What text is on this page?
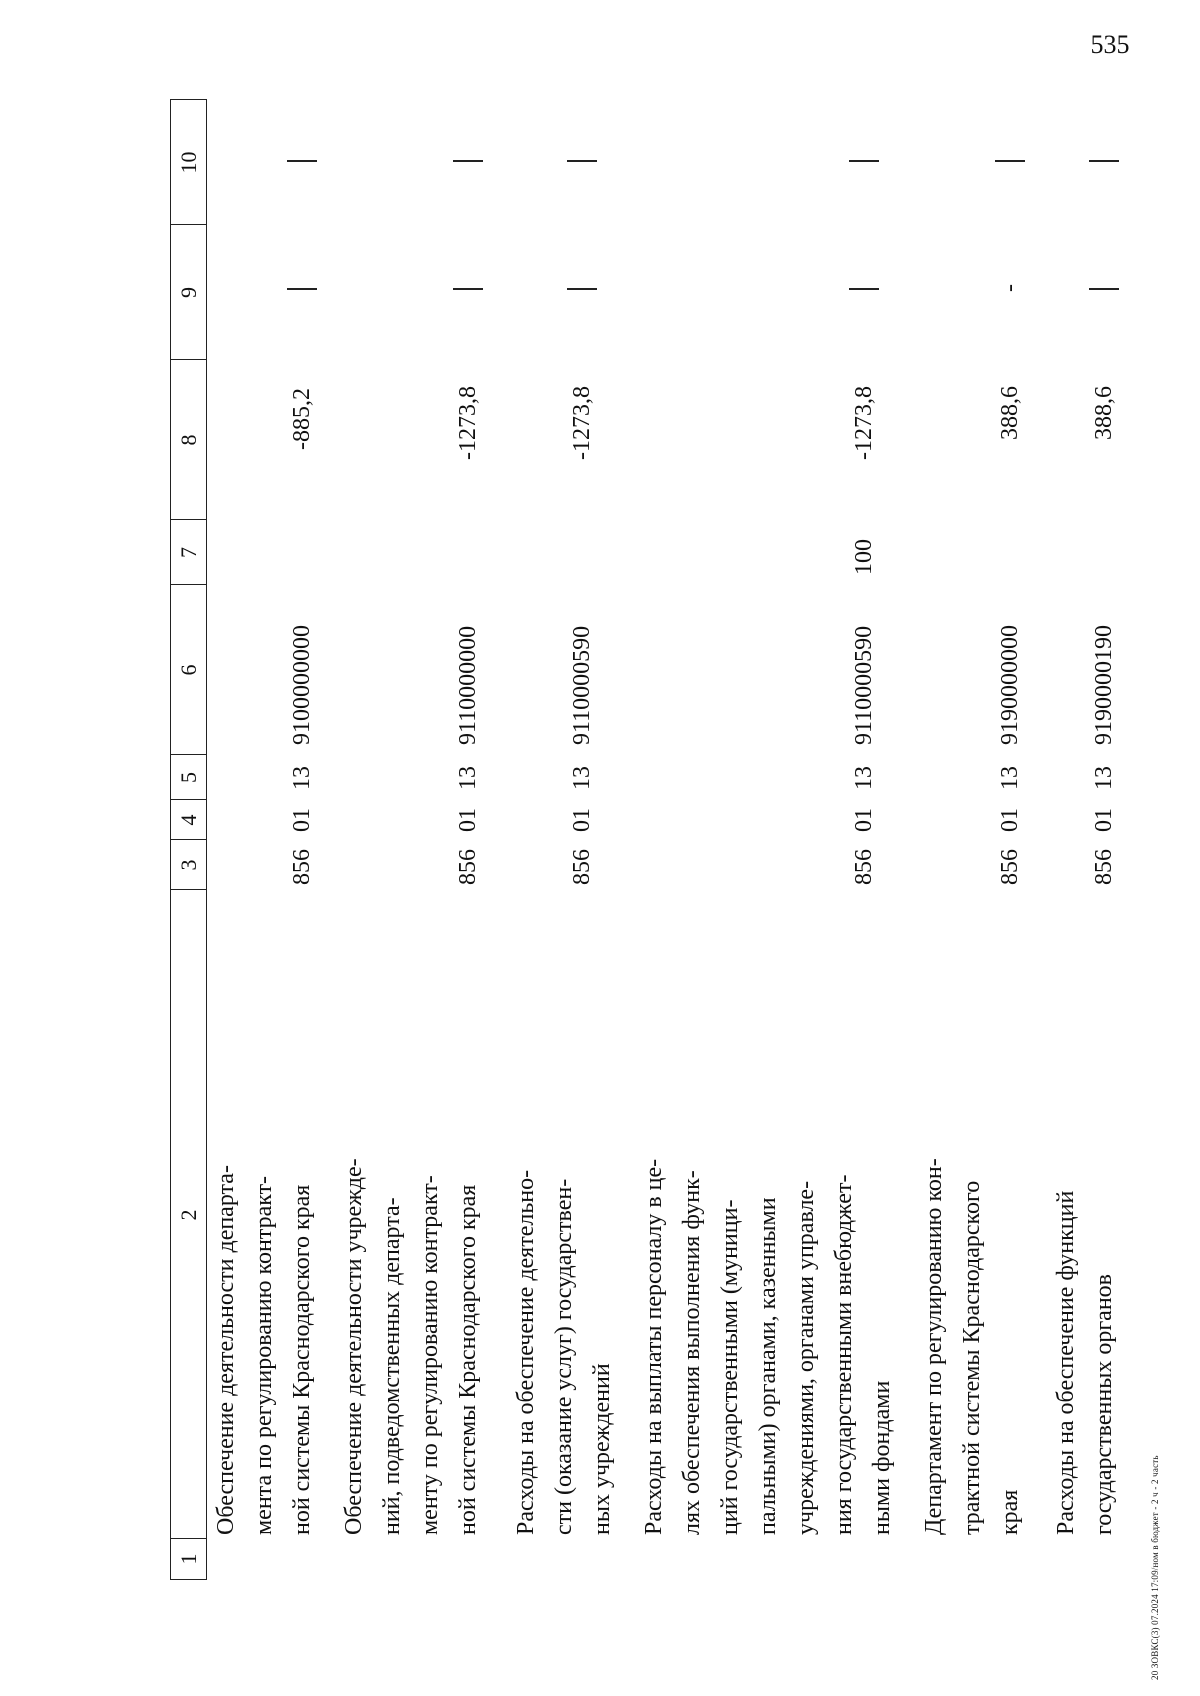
535
20 ЗОВКС(3) 07.2024 17:09/ном в бюджет - 2 ч - 2 часть
1
2
3
4
5
6
7
8
9
10
Обеспечение деятельности департа- мента по регулированию контракт- ной системы Краснодарского края
856
01
13
9100000000
-885,2
Обеспечение деятельности учрежде- ний, подведомственных департа- менту по регулированию контракт- ной системы Краснодарского края
856
01
13
9110000000
-1273,8
Расходы на обеспечение деятельно- сти (оказание услуг) государствен- ных учреждений
856
01
13
9110000590
-1273,8
Расходы на выплаты персоналу в це- лях обеспечения выполнения функ- ций государственными (муници- пальными) органами, казенными учреждениями, органами управле- ния государственными внебюджет- ными фондами
856
01
13
9110000590
100
-1273,8
Департамент по регулированию кон- трактной системы Краснодарского края
856
01
13
9190000000
388,6
-
Расходы на обеспечение функций государственных органов
856
01
13
9190000190
388,6
